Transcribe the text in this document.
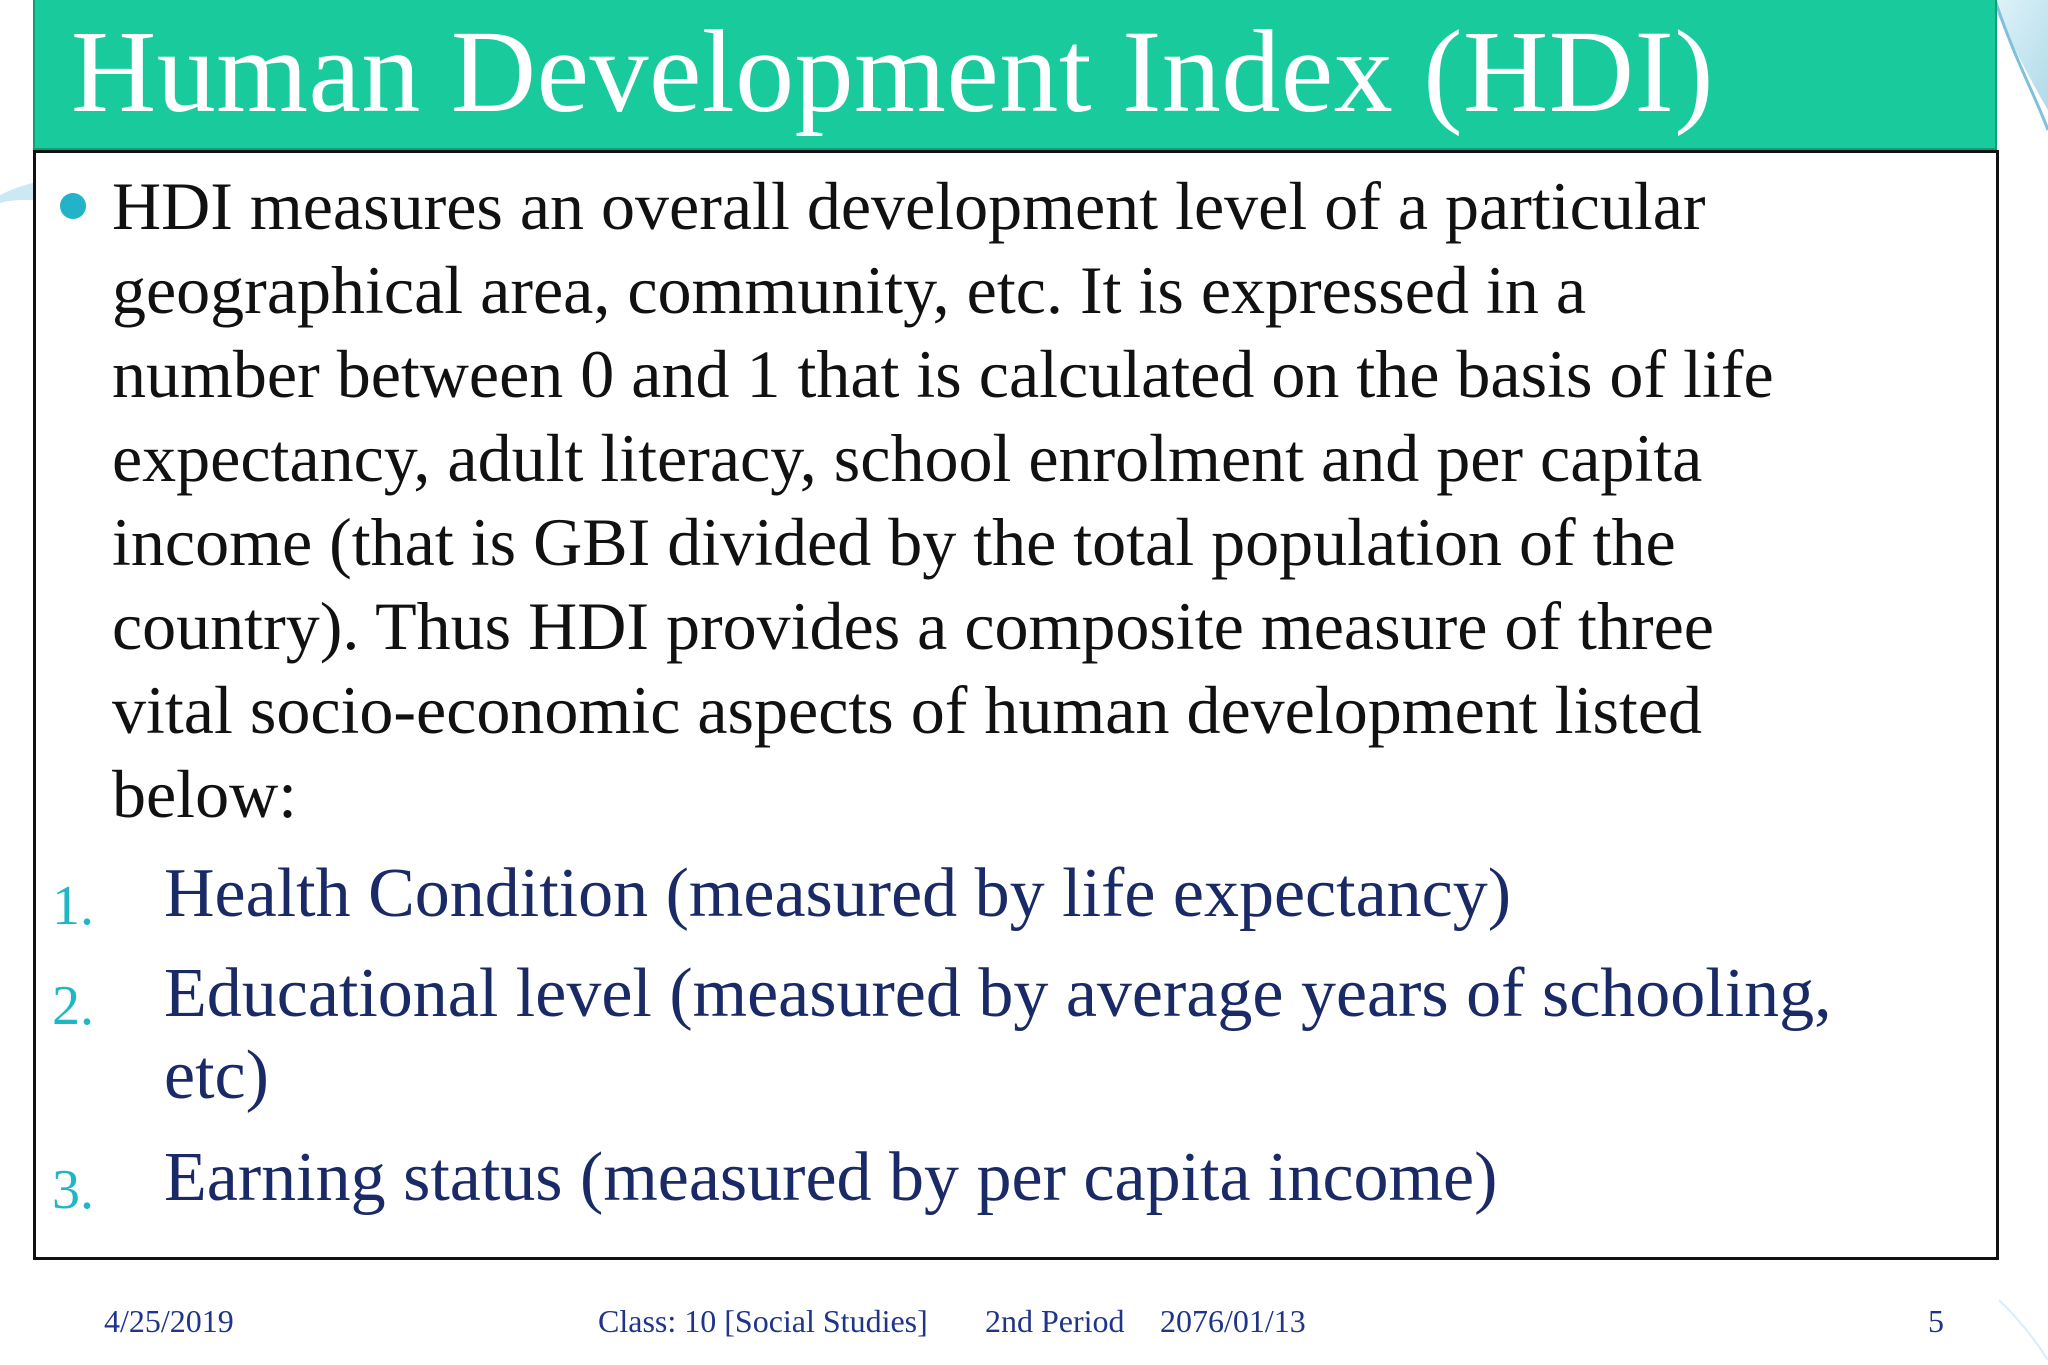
Human Development Index (HDI)
HDI measures an overall development level of a particular
geographical area, community, etc. It is expressed in a
number between 0 and 1 that is calculated on the basis of life
expectancy, adult literacy, school enrolment and per capita
income (that is GBI divided by the total population of the
country). Thus HDI provides a composite measure of three
vital socio-economic aspects of human development listed
below:
1. Health Condition (measured by life expectancy)
2. Educational level (measured by average years of schooling,
etc)
3. Earning status (measured by per capita income)
4/25/2019	Class: 10 [Social Studies] 2nd Period 2076/01/13	5
